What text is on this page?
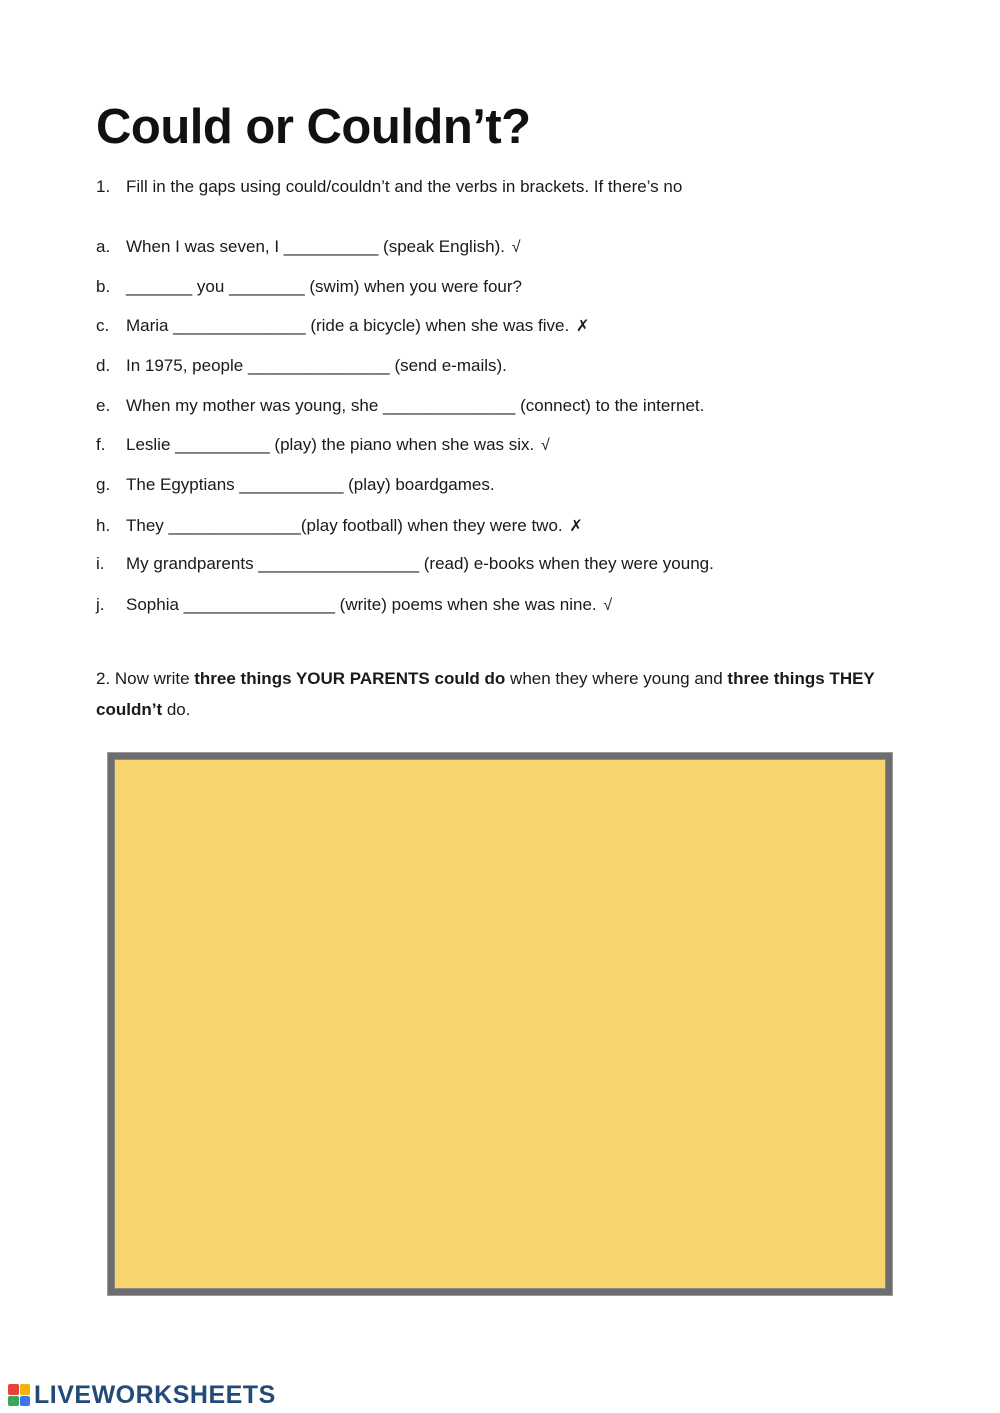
Could or Couldn’t?
1. Fill in the gaps using could/couldn’t and the verbs in brackets. If there’s no
a. When I was seven, I __________ (speak English). √
b. _______ you ________ (swim) when you were four?
c. Maria ______________ (ride a bicycle) when she was five. ✗
d. In 1975, people _______________ (send e-mails).
e. When my mother was young, she ______________ (connect) to the internet.
f. Leslie __________ (play) the piano when she was six. √
g. The Egyptians ___________ (play) boardgames.
h. They ______________(play football) when they were two. ✗
i. My grandparents _________________ (read) e-books when they were young.
j. Sophia ________________ (write) poems when she was nine. √
2. Now write three things YOUR PARENTS could do when they where young and three things THEY couldn’t do.
LIVEWORKSHEETS
